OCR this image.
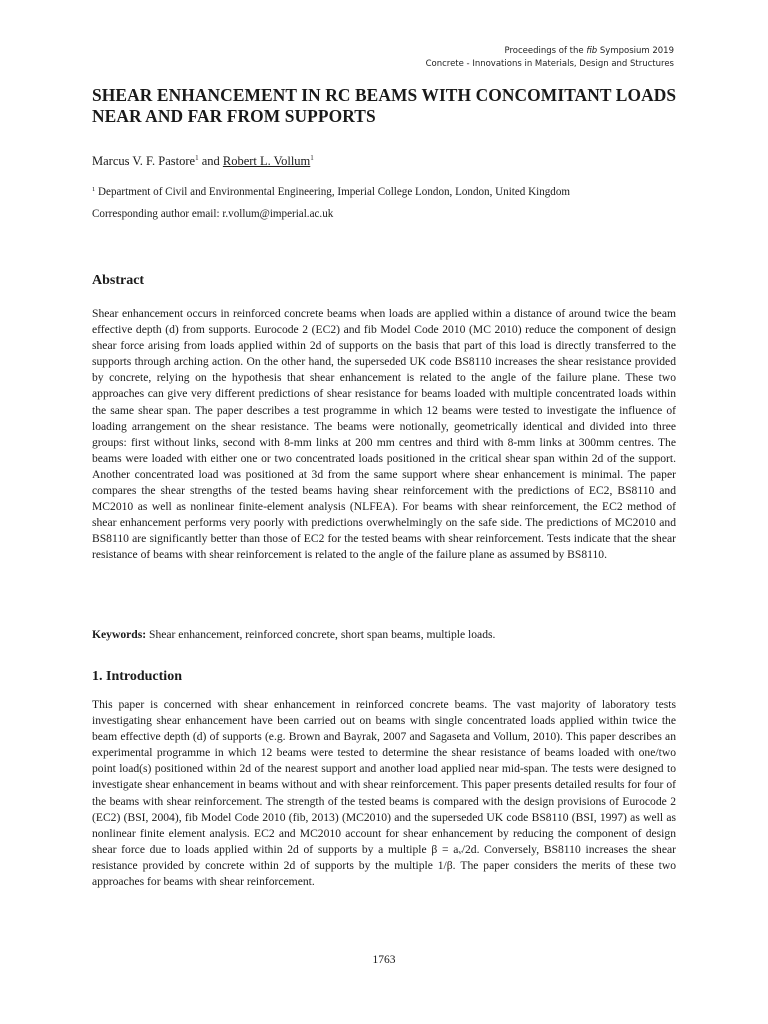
Proceedings of the fib Symposium 2019
Concrete - Innovations in Materials, Design and Structures
SHEAR ENHANCEMENT IN RC BEAMS WITH CONCOMITANT LOADS NEAR AND FAR FROM SUPPORTS
Marcus V. F. Pastore$^1$ and Robert L. Vollum$^1$
$^1$ Department of Civil and Environmental Engineering, Imperial College London, London, United Kingdom
Corresponding author email: r.vollum@imperial.ac.uk
Abstract
Shear enhancement occurs in reinforced concrete beams when loads are applied within a distance of around twice the beam effective depth (d) from supports. Eurocode 2 (EC2) and fib Model Code 2010 (MC 2010) reduce the component of design shear force arising from loads applied within 2d of supports on the basis that part of this load is directly transferred to the supports through arching action. On the other hand, the superseded UK code BS8110 increases the shear resistance provided by concrete, relying on the hypothesis that shear enhancement is related to the angle of the failure plane. These two approaches can give very different predictions of shear resistance for beams loaded with multiple concentrated loads within the same shear span. The paper describes a test programme in which 12 beams were tested to investigate the influence of loading arrangement on the shear resistance. The beams were notionally, geometrically identical and divided into three groups: first without links, second with 8-mm links at 200 mm centres and third with 8-mm links at 300mm centres. The beams were loaded with either one or two concentrated loads positioned in the critical shear span within 2d of the support. Another concentrated load was positioned at 3d from the same support where shear enhancement is minimal. The paper compares the shear strengths of the tested beams having shear reinforcement with the predictions of EC2, BS8110 and MC2010 as well as nonlinear finite-element analysis (NLFEA). For beams with shear reinforcement, the EC2 method of shear enhancement performs very poorly with predictions overwhelmingly on the safe side. The predictions of MC2010 and BS8110 are significantly better than those of EC2 for the tested beams with shear reinforcement. Tests indicate that the shear resistance of beams with shear reinforcement is related to the angle of the failure plane as assumed by BS8110.
Keywords: Shear enhancement, reinforced concrete, short span beams, multiple loads.
1. Introduction
This paper is concerned with shear enhancement in reinforced concrete beams. The vast majority of laboratory tests investigating shear enhancement have been carried out on beams with single concentrated loads applied within twice the beam effective depth (d) of supports (e.g. Brown and Bayrak, 2007 and Sagaseta and Vollum, 2010). This paper describes an experimental programme in which 12 beams were tested to determine the shear resistance of beams loaded with one/two point load(s) positioned within 2d of the nearest support and another load applied near mid-span. The tests were designed to investigate shear enhancement in beams without and with shear reinforcement. This paper presents detailed results for four of the beams with shear reinforcement. The strength of the tested beams is compared with the design provisions of Eurocode 2 (EC2) (BSI, 2004), fib Model Code 2010 (fib, 2013) (MC2010) and the superseded UK code BS8110 (BSI, 1997) as well as nonlinear finite element analysis. EC2 and MC2010 account for shear enhancement by reducing the component of design shear force due to loads applied within 2d of supports by a multiple β = aᵥ/2d. Conversely, BS8110 increases the shear resistance provided by concrete within 2d of supports by the multiple 1/β. The paper considers the merits of these two approaches for beams with shear reinforcement.
1763
